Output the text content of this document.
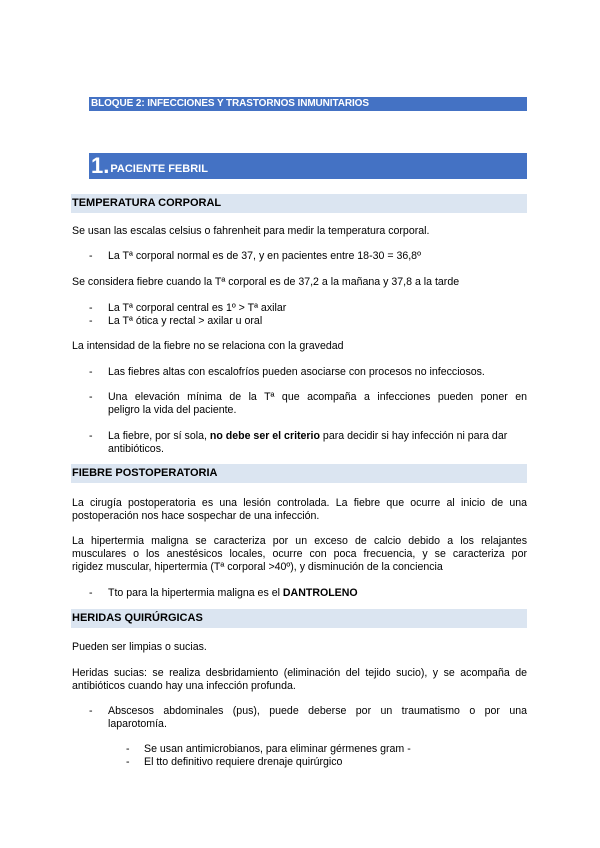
BLOQUE 2: INFECCIONES Y TRASTORNOS INMUNITARIOS
1. PACIENTE FEBRIL
TEMPERATURA CORPORAL
Se usan las escalas celsius o fahrenheit para medir la temperatura corporal.
- La Tª corporal normal es de 37, y en pacientes entre 18-30 = 36,8º
Se considera fiebre cuando la Tª corporal es de 37,2 a la mañana y 37,8 a la tarde
- La Tª corporal central es 1º > Tª axilar
- La Tª ótica y rectal > axilar u oral
La intensidad de la fiebre no se relaciona con la gravedad
- Las fiebres altas con escalofríos pueden asociarse con procesos no infecciosos.
- Una elevación mínima de la Tª que acompaña a infecciones pueden poner en
peligro la vida del paciente.
- La fiebre, por sí sola, no debe ser el criterio para decidir si hay infección ni para dar
antibióticos.
FIEBRE POSTOPERATORIA
La cirugía postoperatoria es una lesión controlada. La fiebre que ocurre al inicio de una
postoperación nos hace sospechar de una infección.
La hipertermia maligna se caracteriza por un exceso de calcio debido a los relajantes
musculares o los anestésicos locales, ocurre con poca frecuencia, y se caracteriza por
rigidez muscular, hipertermia (Tª corporal >40º), y disminución de la conciencia
- Tto para la hipertermia maligna es el DANTROLENO
HERIDAS QUIRÚRGICAS
Pueden ser limpias o sucias.
Heridas sucias: se realiza desbridamiento (eliminación del tejido sucio), y se acompaña de
antibióticos cuando hay una infección profunda.
- Abscesos abdominales (pus), puede deberse por un traumatismo o por una
laparotomía.
- Se usan antimicrobianos, para eliminar gérmenes gram -
- El tto definitivo requiere drenaje quirúrgico
